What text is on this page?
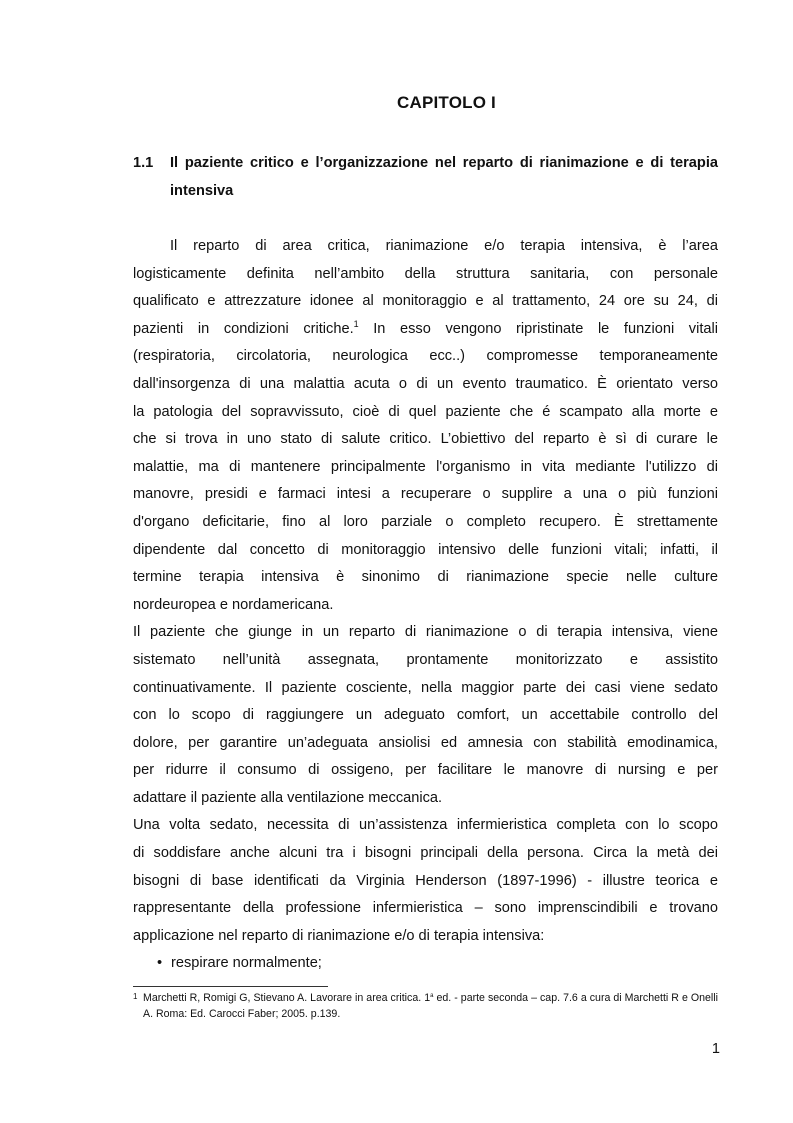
CAPITOLO I
1.1 Il paziente critico e l’organizzazione nel reparto di rianimazione e di terapia intensiva
Il reparto di area critica, rianimazione e/o terapia intensiva, è l’area
logisticamente definita nell’ambito della struttura sanitaria, con personale
qualificato e attrezzature idonee al monitoraggio e al trattamento, 24 ore su 24, di
pazienti in condizioni critiche.$^1$ In esso vengono ripristinate le funzioni vitali
(respiratoria, circolatoria, neurologica ecc..) compromesse temporaneamente
dall'insorgenza di una malattia acuta o di un evento traumatico. È orientato verso
la patologia del sopravvissuto, cioè di quel paziente che é scampato alla morte e
che si trova in uno stato di salute critico. L’obiettivo del reparto è sì di curare le
malattie, ma di mantenere principalmente l'organismo in vita mediante l'utilizzo di
manovre, presidi e farmaci intesi a recuperare o supplire a una o più funzioni
d'organo deficitarie, fino al loro parziale o completo recupero. È strettamente
dipendente dal concetto di monitoraggio intensivo delle funzioni vitali; infatti, il
termine terapia intensiva è sinonimo di rianimazione specie nelle culture
nordeuropea e nordamericana.
Il paziente che giunge in un reparto di rianimazione o di terapia intensiva, viene
sistemato nell’unità assegnata, prontamente monitorizzato e assistito
continuativamente. Il paziente cosciente, nella maggior parte dei casi viene sedato
con lo scopo di raggiungere un adeguato comfort, un accettabile controllo del
dolore, per garantire un’adeguata ansiolisi ed amnesia con stabilità emodinamica,
per ridurre il consumo di ossigeno, per facilitare le manovre di nursing e per
adattare il paziente alla ventilazione meccanica.
Una volta sedato, necessita di un’assistenza infermieristica completa con lo scopo
di soddisfare anche alcuni tra i bisogni principali della persona. Circa la metà dei
bisogni di base identificati da Virginia Henderson (1897-1996) - illustre teorica e
rappresentante della professione infermieristica – sono imprenscindibili e trovano
applicazione nel reparto di rianimazione e/o di terapia intensiva:
• respirare normalmente;
1 Marchetti R, Romigi G, Stievano A. Lavorare in area critica. 1$^a$ ed. - parte seconda – cap. 7.6 a cura di Marchetti R e Onelli A. Roma: Ed. Carocci Faber; 2005. p.139.
1
